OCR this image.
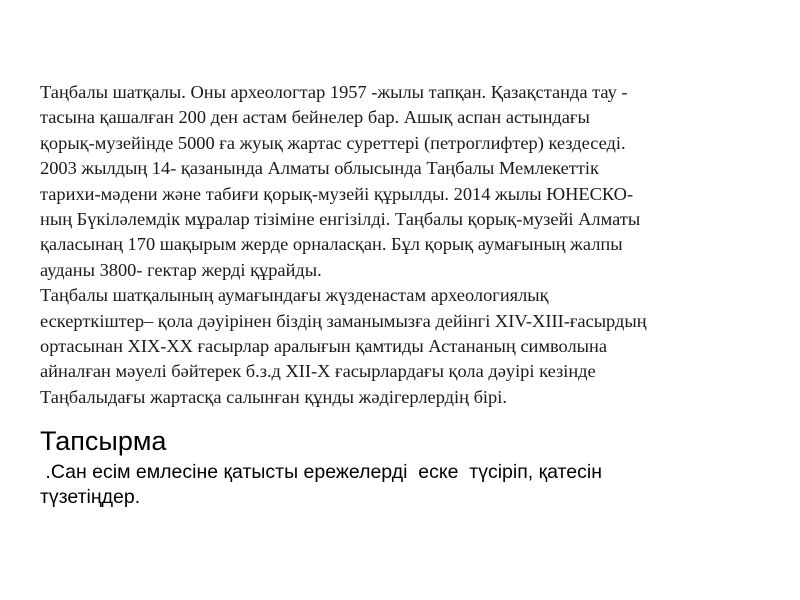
Таңбалы шатқалы. Оны археологтар 1957 -жылы тапқан. Қазақстанда тау -
тасына қашалған 200 ден астам бейнелер бар. Ашық аспан астындағы
қорық-музейінде 5000 ға жуық жартас суреттері (петроглифтер) кездеседі.
2003 жылдың 14- қазанында Алматы облысында Таңбалы Мемлекеттік
тарихи-мәдени және табиғи қорық-музейі құрылды. 2014 жылы ЮНЕСКО-
ның Бүкіләлемдік мұралар тізіміне енгізілді. Таңбалы қорық-музейі Алматы
қаласынаң 170 шақырым жерде орналасқан. Бұл қорық аумағының жалпы
ауданы 3800- гектар жерді құрайды.
Таңбалы шатқалының аумағындағы жүзденастам археологиялық
ескерткіштер– қола дәуірінен біздің заманымызға дейінгі XIV-XIII-ғасырдың
ортасынан XIX-XX ғасырлар аралығын қамтиды Астананың символына
айналған мәуелі бәйтерек б.з.д XII-X ғасырлардағы қола дәуірі кезінде
Таңбалыдағы жартасқа салынған құнды жәдігерлердің бірі.
Тапсырма
.Сан есім емлесіне қатысты ережелерді  еске  түсіріп, қатесін
түзетіңдер.
